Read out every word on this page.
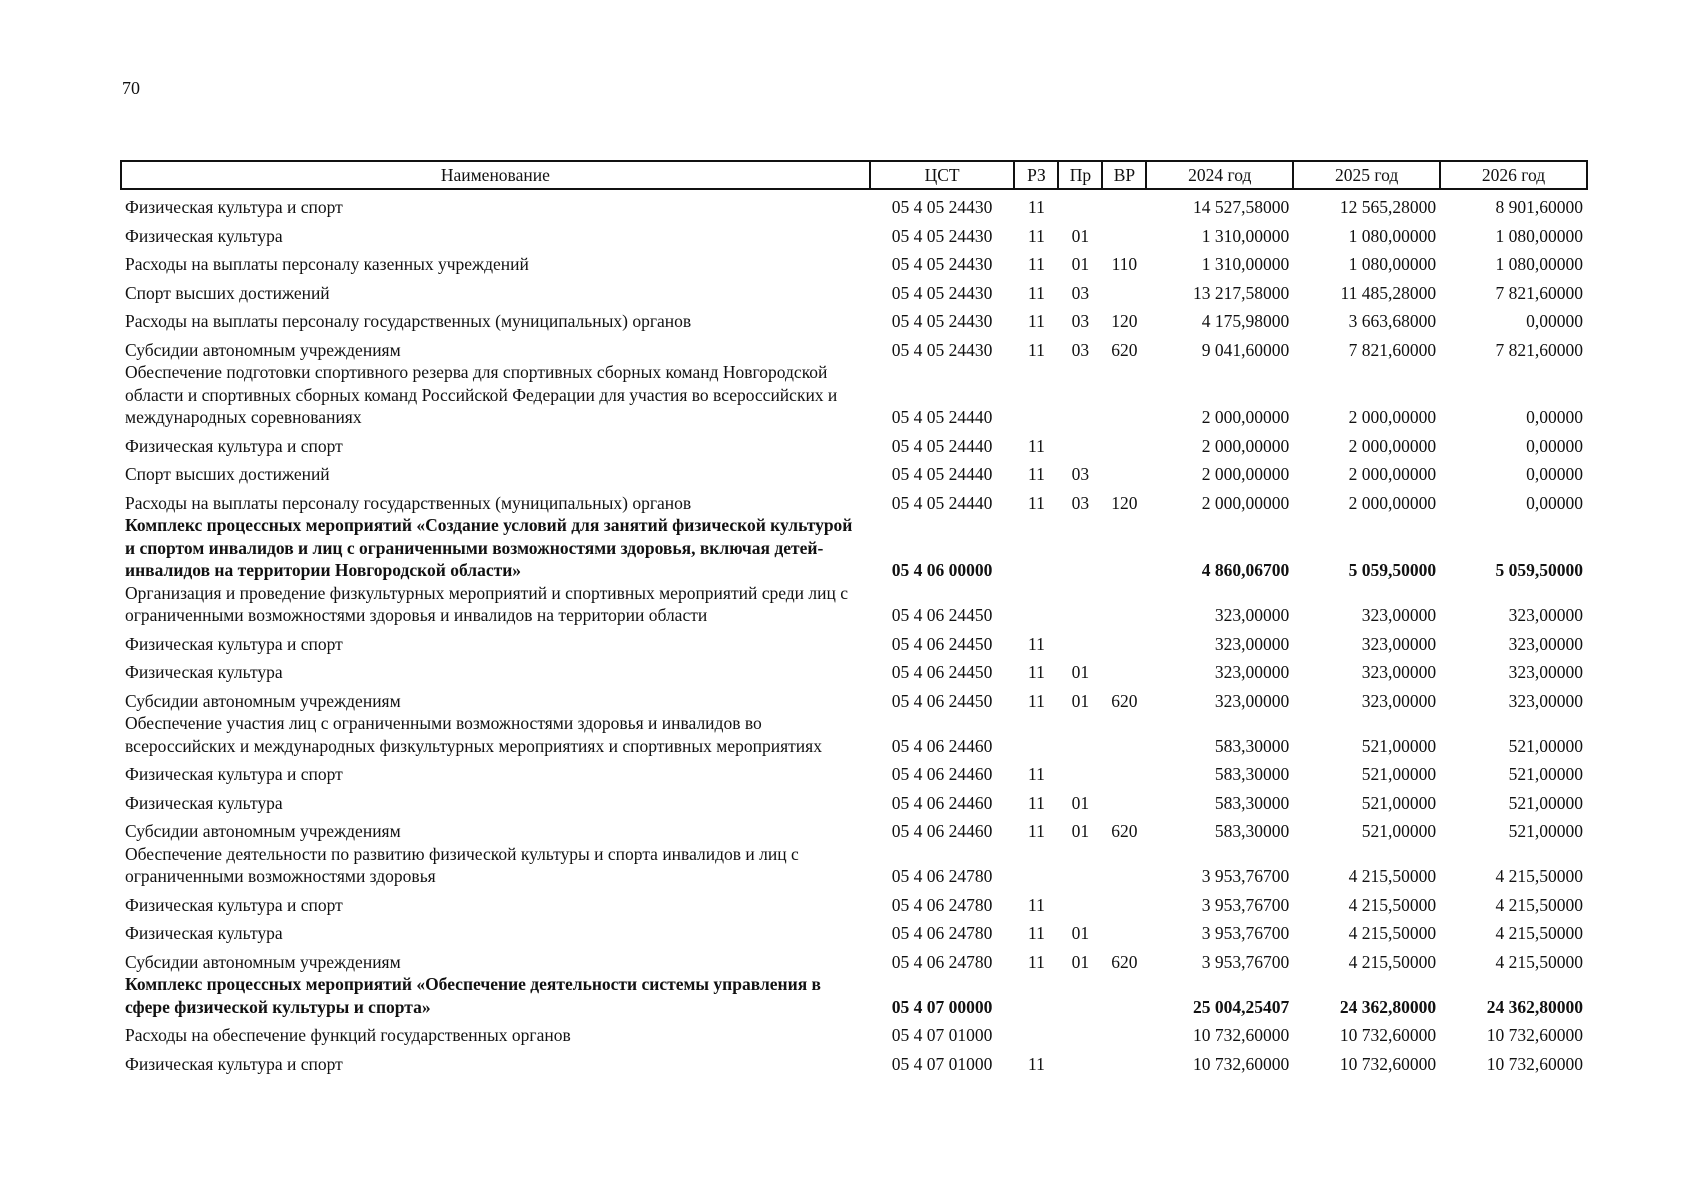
70
Наименование	ЦСТ	РЗ	Пр	ВР	2024 год	2025 год	2026 год
Физическая культура и спорт	05 4 05 24430	11			14 527,58000	12 565,28000	8 901,60000
Физическая культура	05 4 05 24430	11	01		1 310,00000	1 080,00000	1 080,00000
Расходы на выплаты персоналу казенных учреждений	05 4 05 24430	11	01	110	1 310,00000	1 080,00000	1 080,00000
Спорт высших достижений	05 4 05 24430	11	03		13 217,58000	11 485,28000	7 821,60000
Расходы на выплаты персоналу государственных (муниципальных) органов	05 4 05 24430	11	03	120	4 175,98000	3 663,68000	0,00000
Субсидии автономным учреждениям	05 4 05 24430	11	03	620	9 041,60000	7 821,60000	7 821,60000
Обеспечение подготовки спортивного резерва для спортивных сборных команд Новгородской области и спортивных сборных команд Российской Федерации для участия во всероссийских и международных соревнованиях	05 4 05 24440				2 000,00000	2 000,00000	0,00000
Физическая культура и спорт	05 4 05 24440	11			2 000,00000	2 000,00000	0,00000
Спорт высших достижений	05 4 05 24440	11	03		2 000,00000	2 000,00000	0,00000
Расходы на выплаты персоналу государственных (муниципальных) органов	05 4 05 24440	11	03	120	2 000,00000	2 000,00000	0,00000
Комплекс процессных мероприятий «Создание условий для занятий физической культурой и спортом инвалидов и лиц с ограниченными возможностями здоровья, включая детей-инвалидов на территории Новгородской области»	05 4 06 00000				4 860,06700	5 059,50000	5 059,50000
Организация и проведение физкультурных мероприятий и спортивных мероприятий среди лиц с ограниченными возможностями здоровья и инвалидов на территории области	05 4 06 24450				323,00000	323,00000	323,00000
Физическая культура и спорт	05 4 06 24450	11			323,00000	323,00000	323,00000
Физическая культура	05 4 06 24450	11	01		323,00000	323,00000	323,00000
Субсидии автономным учреждениям	05 4 06 24450	11	01	620	323,00000	323,00000	323,00000
Обеспечение участия лиц с ограниченными возможностями здоровья и инвалидов во всероссийских и международных физкультурных мероприятиях и спортивных мероприятиях	05 4 06 24460				583,30000	521,00000	521,00000
Физическая культура и спорт	05 4 06 24460	11			583,30000	521,00000	521,00000
Физическая культура	05 4 06 24460	11	01		583,30000	521,00000	521,00000
Субсидии автономным учреждениям	05 4 06 24460	11	01	620	583,30000	521,00000	521,00000
Обеспечение деятельности по развитию физической культуры и спорта инвалидов и лиц с ограниченными возможностями здоровья	05 4 06 24780				3 953,76700	4 215,50000	4 215,50000
Физическая культура и спорт	05 4 06 24780	11			3 953,76700	4 215,50000	4 215,50000
Физическая культура	05 4 06 24780	11	01		3 953,76700	4 215,50000	4 215,50000
Субсидии автономным учреждениям	05 4 06 24780	11	01	620	3 953,76700	4 215,50000	4 215,50000
Комплекс процессных мероприятий «Обеспечение деятельности системы управления в сфере физической культуры и спорта»	05 4 07 00000				25 004,25407	24 362,80000	24 362,80000
Расходы на обеспечение функций государственных органов	05 4 07 01000				10 732,60000	10 732,60000	10 732,60000
Физическая культура и спорт	05 4 07 01000	11			10 732,60000	10 732,60000	10 732,60000
